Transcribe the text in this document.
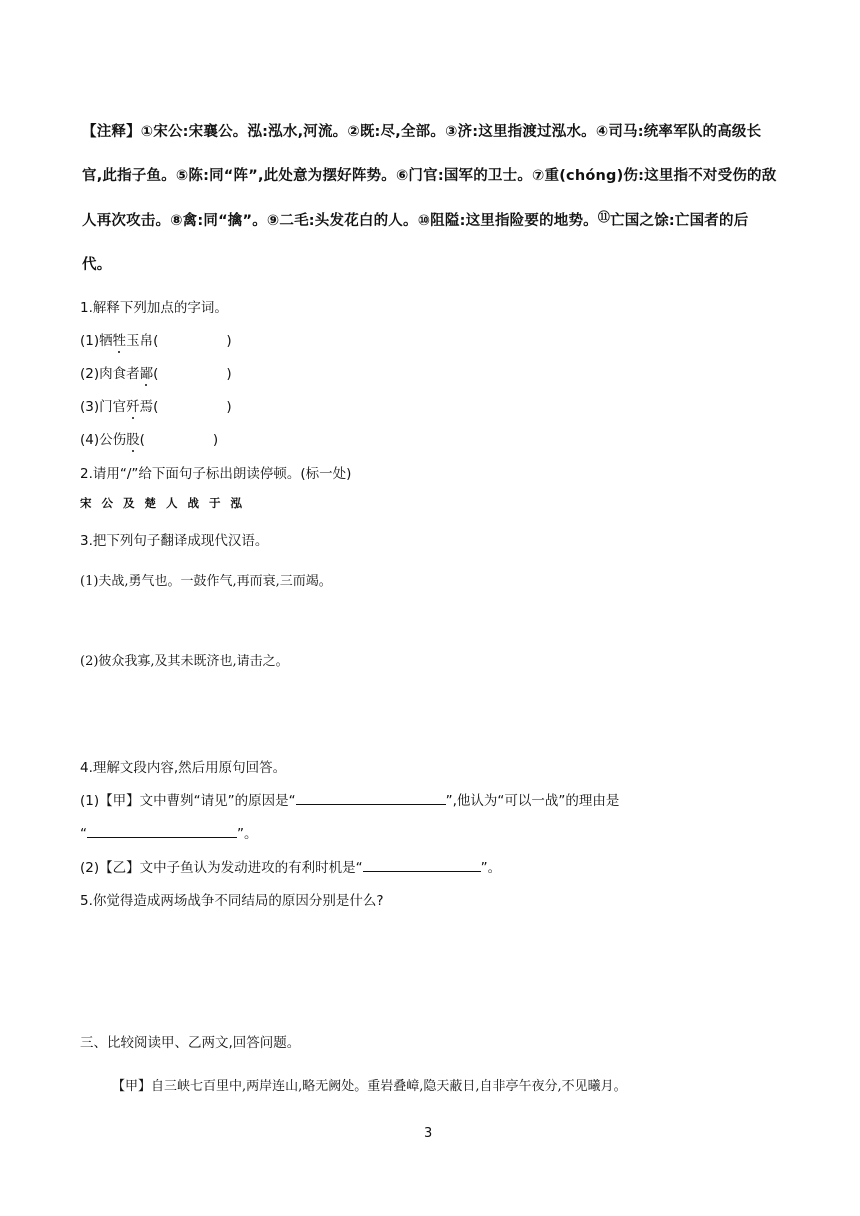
【注释】①宋公:宋襄公。泓:泓水,河流。②既:尽,全部。③济:这里指渡过泓水。④司马:统率军队的高级长
官,此指子鱼。⑤陈:同“阵”,此处意为摆好阵势。⑥门官:国军的卫士。⑦重(chóng)伤:这里指不对受伤的敌
人再次攻击。⑧禽:同“擒”。⑨二毛:头发花白的人。⑩阻隘:这里指险要的地势。⑪亡国之馀:亡国者的后
代。
1.解释下列加点的字词。
(1)牺牲玉帛(	)
(2)肉食者鄙(	)
(3)门官歼焉(	)
(4)公伤股(	)
2.请用“/”给下面句子标出朗读停顿。(标一处)
宋公及楚人战于泓
3.把下列句子翻译成现代汉语。
(1)夫战,勇气也。一鼓作气,再而衰,三而竭。
(2)彼众我寡,及其未既济也,请击之。
4.理解文段内容,然后用原句回答。
(1)【甲】文中曹刿“请见”的原因是“	”,他认为“可以一战”的理由是
“	”。
(2)【乙】文中子鱼认为发动进攻的有利时机是“	”。
5.你觉得造成两场战争不同结局的原因分别是什么?
三、比较阅读甲、乙两文,回答问题。
【甲】自三峡七百里中,两岸连山,略无阙处。重岩叠嶂,隐天蔽日,自非亭午夜分,不见曦月。
3
